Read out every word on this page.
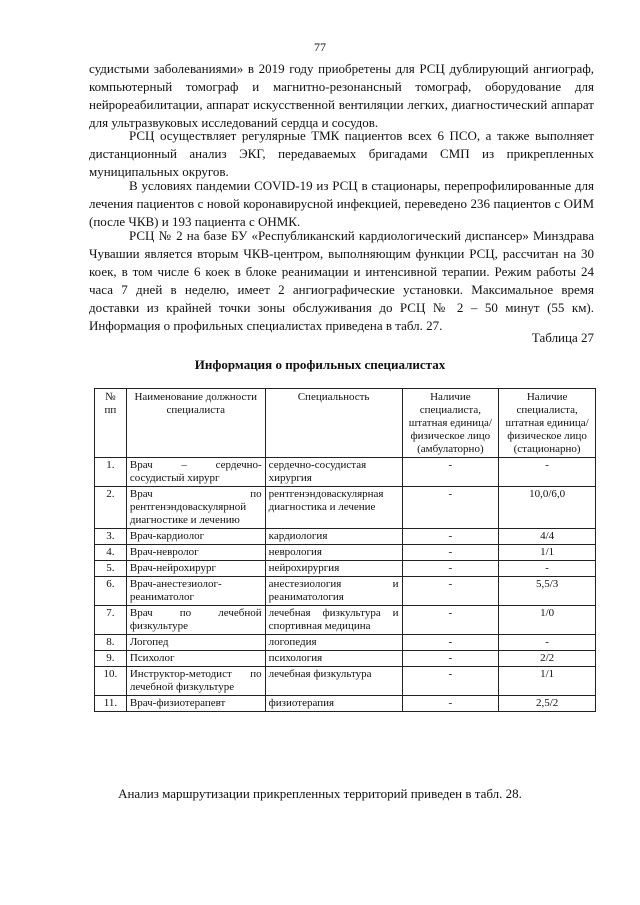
77

судистыми заболеваниями» в 2019 году приобретены для РСЦ дублирующий ангиограф, компьютерный томограф и магнитно-резонансный томограф, оборудование для нейрореабилитации, аппарат искусственной вентиляции легких, диагностический аппарат для ультразвуковых исследований сердца и сосудов.

РСЦ осуществляет регулярные ТМК пациентов всех 6 ПСО, а также выполняет дистанционный анализ ЭКГ, передаваемых бригадами СМП из прикрепленных муниципальных округов.

В условиях пандемии COVID-19 из РСЦ в стационары, перепрофилированные для лечения пациентов с новой коронавирусной инфекцией, переведено 236 пациентов с ОИМ (после ЧКВ) и 193 пациента с ОНМК.

РСЦ № 2 на базе БУ «Республиканский кардиологический диспансер» Минздрава Чувашии является вторым ЧКВ-центром, выполняющим функции РСЦ, рассчитан на 30 коек, в том числе 6 коек в блоке реанимации и интенсивной терапии. Режим работы 24 часа 7 дней в неделю, имеет 2 ангиографические установки. Максимальное время доставки из крайней точки зоны обслуживания до РСЦ № 2 – 50 минут (55 км). Информация о профильных специалистах приведена в табл. 27.

Таблица 27
Информация о профильных специалистах
№ пп	Наименование должности специалиста	Специальность	Наличие специалиста, штатная единица/физическое лицо (амбулаторно)	Наличие специалиста, штатная единица/физическое лицо (стационарно)
1.	Врач – сердечно-сосудистый хирург	сердечно-сосудистая хирургия	-	-
2.	Врач по рентгенэндоваскулярной диагностике и лечению	рентгенэндоваскулярная диагностика и лечение	-	10,0/6,0
3.	Врач-кардиолог	кардиология	-	4/4
4.	Врач-невролог	неврология	-	1/1
5.	Врач-нейрохирург	нейрохирургия	-	-
6.	Врач-анестезиолог-реаниматолог	анестезиология и реаниматология	-	5,5/3
7.	Врач по лечебной физкультуре	лечебная физкультура и спортивная медицина	-	1/0
8.	Логопед	логопедия	-	-
9.	Психолог	психология	-	2/2
10.	Инструктор-методист по лечебной физкультуре	лечебная физкультура	-	1/1
11.	Врач-физиотерапевт	физиотерапия	-	2,5/2

Анализ маршрутизации прикрепленных территорий приведен в табл. 28.
